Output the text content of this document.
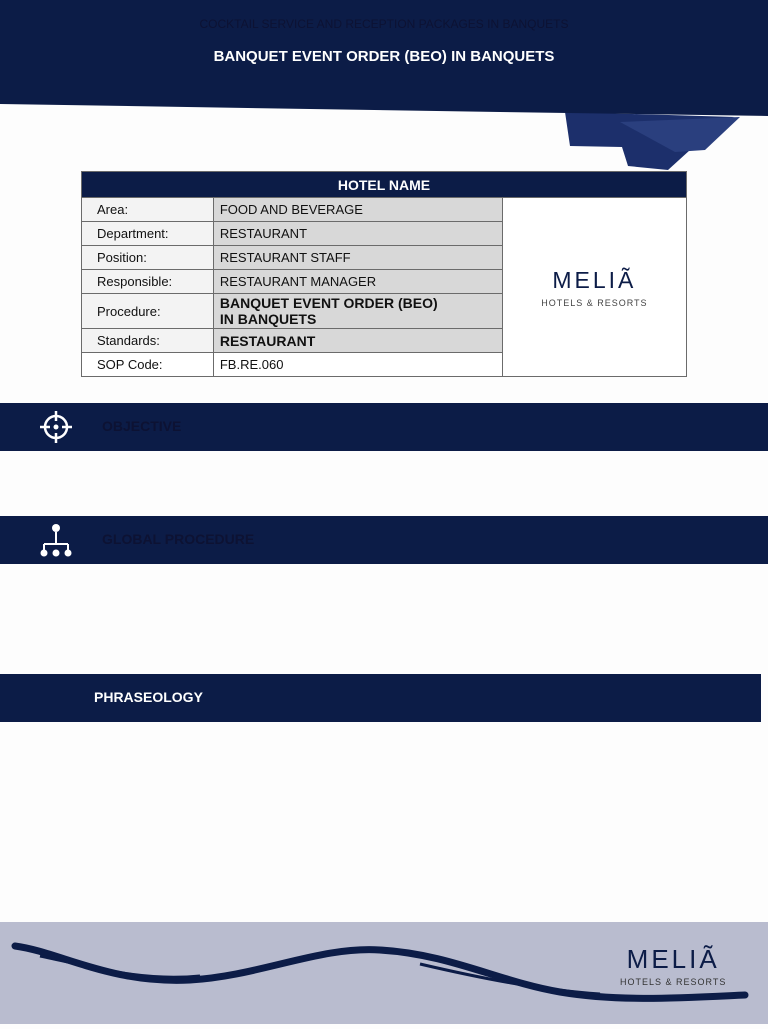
COCKTAIL SERVICE AND RECEPTION PACKAGES IN BANQUETS
BANQUET EVENT ORDER (BEO) IN BANQUETS
HOTEL NAME		
Area:	FOOD AND BEVERAGE	MELIÃ
HOTELS & RESORTS

Department:	RESTAURANT	
Position:	RESTAURANT STAFF	
Responsible:	RESTAURANT MANAGER	
Procedure:	BANQUET EVENT ORDER (BEO)
IN BANQUETS	

Standards:	RESTAURANT	
SOP Code:	FB.RE.060	
OBJECTIVE
GLOBAL PROCEDURE
PHRASEOLOGY
MELIÃ
HOTELS & RESORTS
